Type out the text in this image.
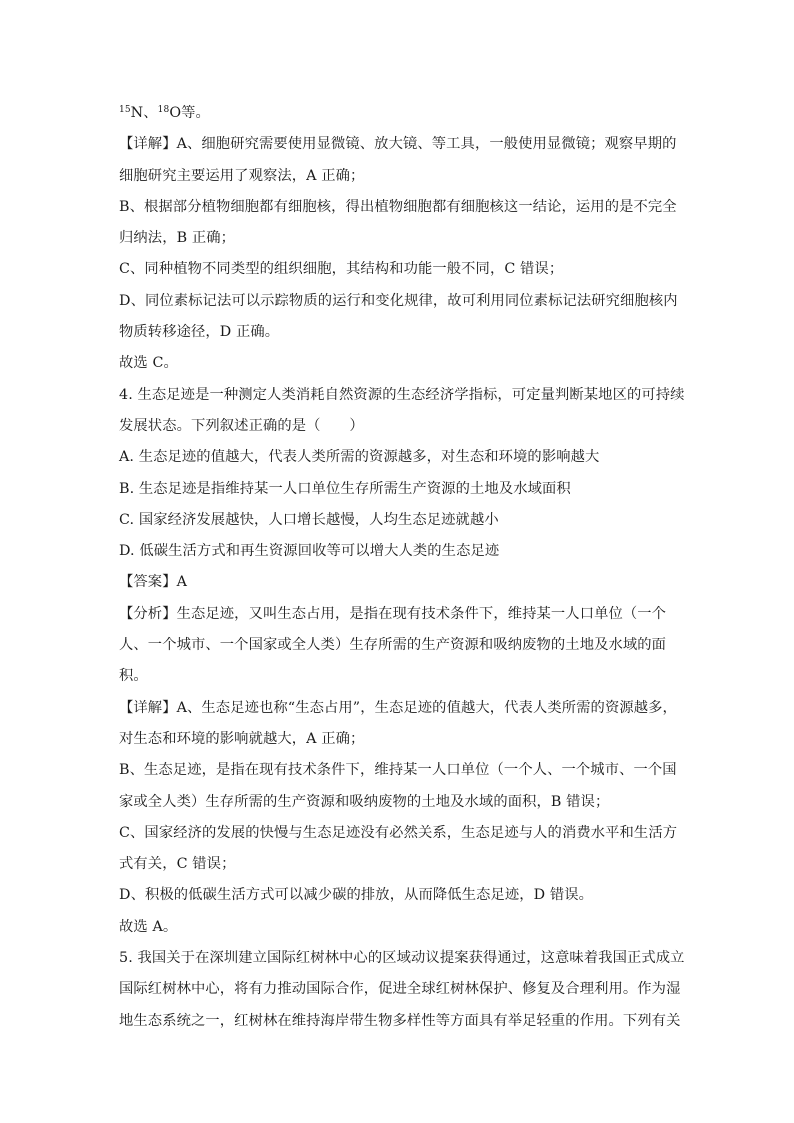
$^{15}$N、$^{18}$O等。
【详解】A、细胞研究需要使用显微镜、放大镜、等工具，一般使用显微镜；观察早期的
细胞研究主要运用了观察法，A 正确；
B、根据部分植物细胞都有细胞核，得出植物细胞都有细胞核这一结论，运用的是不完全
归纳法，B 正确；
C、同种植物不同类型的组织细胞，其结构和功能一般不同，C 错误；
D、同位素标记法可以示踪物质的运行和变化规律，故可利用同位素标记法研究细胞核内
物质转移途径，D 正确。
故选 C。
4. 生态足迹是一种测定人类消耗自然资源的生态经济学指标，可定量判断某地区的可持续
发展状态。下列叙述正确的是（　　）
A. 生态足迹的值越大，代表人类所需的资源越多，对生态和环境的影响越大
B. 生态足迹是指维持某一人口单位生存所需生产资源的土地及水域面积
C. 国家经济发展越快，人口增长越慢，人均生态足迹就越小
D. 低碳生活方式和再生资源回收等可以增大人类的生态足迹
【答案】A
【分析】生态足迹，又叫生态占用，是指在现有技术条件下，维持某一人口单位（一个
人、一个城市、一个国家或全人类）生存所需的生产资源和吸纳废物的土地及水域的面
积。
【详解】A、生态足迹也称“生态占用”，生态足迹的值越大，代表人类所需的资源越多，
对生态和环境的影响就越大，A 正确；
B、生态足迹，是指在现有技术条件下，维持某一人口单位（一个人、一个城市、一个国
家或全人类）生存所需的生产资源和吸纳废物的土地及水域的面积，B 错误；
C、国家经济的发展的快慢与生态足迹没有必然关系，生态足迹与人的消费水平和生活方
式有关，C 错误；
D、积极的低碳生活方式可以减少碳的排放，从而降低生态足迹，D 错误。
故选 A。
5. 我国关于在深圳建立国际红树林中心的区域动议提案获得通过，这意味着我国正式成立
国际红树林中心，将有力推动国际合作，促进全球红树林保护、修复及合理利用。作为湿
地生态系统之一，红树林在维持海岸带生物多样性等方面具有举足轻重的作用。下列有关
